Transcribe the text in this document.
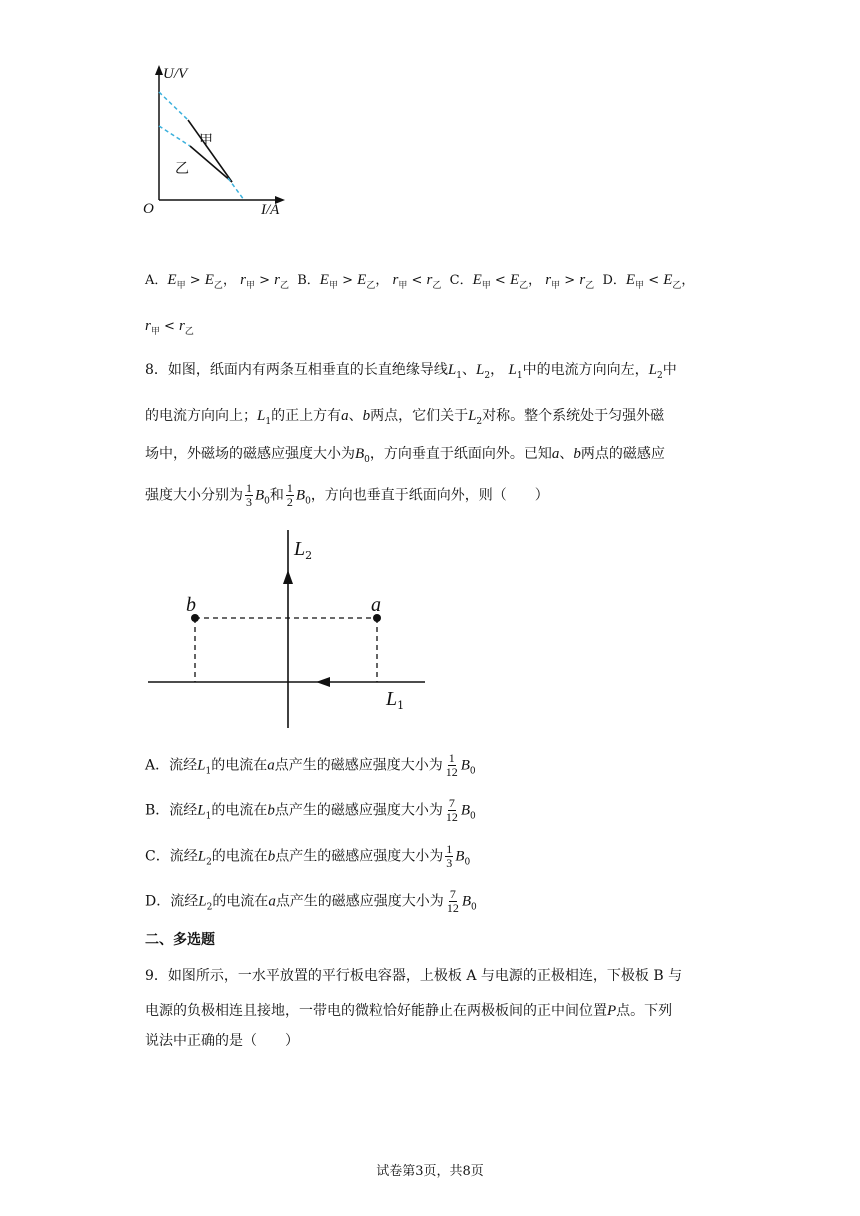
U/V
I/A
O
甲
乙
A．$E_甲 > E_乙$， $r_甲 > r_乙$ B．$E_甲 > E_乙$， $r_甲 < r_乙$ C．$E_甲 < E_乙$， $r_甲 > r_乙$ D．$E_甲 < E_乙$，
$r_甲 < r_乙$
8．如图，纸面内有两条互相垂直的长直绝缘导线$L_1$、$L_2$， $L_1$中的电流方向向左，$L_2$中
的电流方向向上；$L_1$的正上方有a、b两点，它们关于$L_2$对称。整个系统处于匀强外磁
场中，外磁场的磁感应强度大小为$B_0$，方向垂直于纸面向外。已知a、b两点的磁感应
强度大小分别为 $\frac{1}{3} B_0$和 $\frac{1}{2} B_0$，方向也垂直于纸面向外，则（　　）
$L_2$
b	a
$L_1$
A．流经$L_1$的电流在a点产生的磁感应强度大小为 $\frac{1}{12} B_0$
B．流经$L_1$的电流在b点产生的磁感应强度大小为 $\frac{7}{12} B_0$
C．流经$L_2$的电流在b点产生的磁感应强度大小为 $\frac{1}{3} B_0$
D．流经$L_2$的电流在a点产生的磁感应强度大小为 $\frac{7}{12} B_0$
二、多选题
9．如图所示，一水平放置的平行板电容器，上极板 A 与电源的正极相连，下极板 B 与
电源的负极相连且接地，一带电的微粒恰好能静止在两极板间的正中间位置P点。下列
说法中正确的是（　　）
试卷第3页，共8页
